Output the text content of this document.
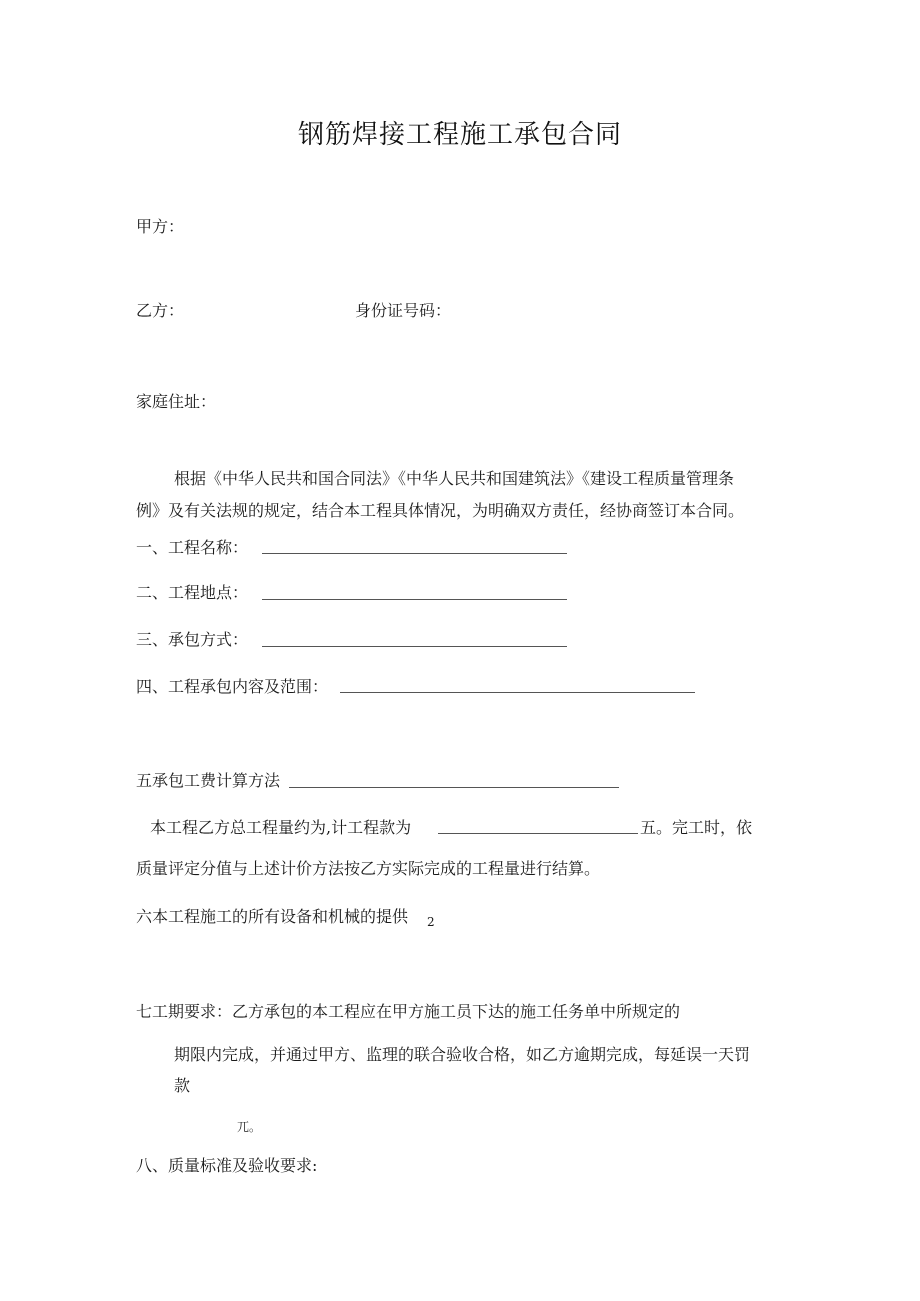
钢筋焊接工程施工承包合同
甲方：
乙方：	身份证号码：
家庭住址：
根据《中华人民共和国合同法》《中华人民共和国建筑法》《建设工程质量管理条
例》及有关法规的规定，结合本工程具体情况，为明确双方责任，经协商签订本合同。
一、工程名称：
二、工程地点：
三、承包方式：
四、工程承包内容及范围：
五承包工费计算方法
本工程乙方总工程量约为,计工程款为	五。完工时，依
质量评定分值与上述计价方法按乙方实际完成的工程量进行结算。
六本工程施工的所有设备和机械的提供 2
七工期要求：乙方承包的本工程应在甲方施工员下达的施工任务单中所规定的
期限内完成，并通过甲方、监理的联合验收合格，如乙方逾期完成，每延误一天罚
款
兀。
八、质量标准及验收要求:
